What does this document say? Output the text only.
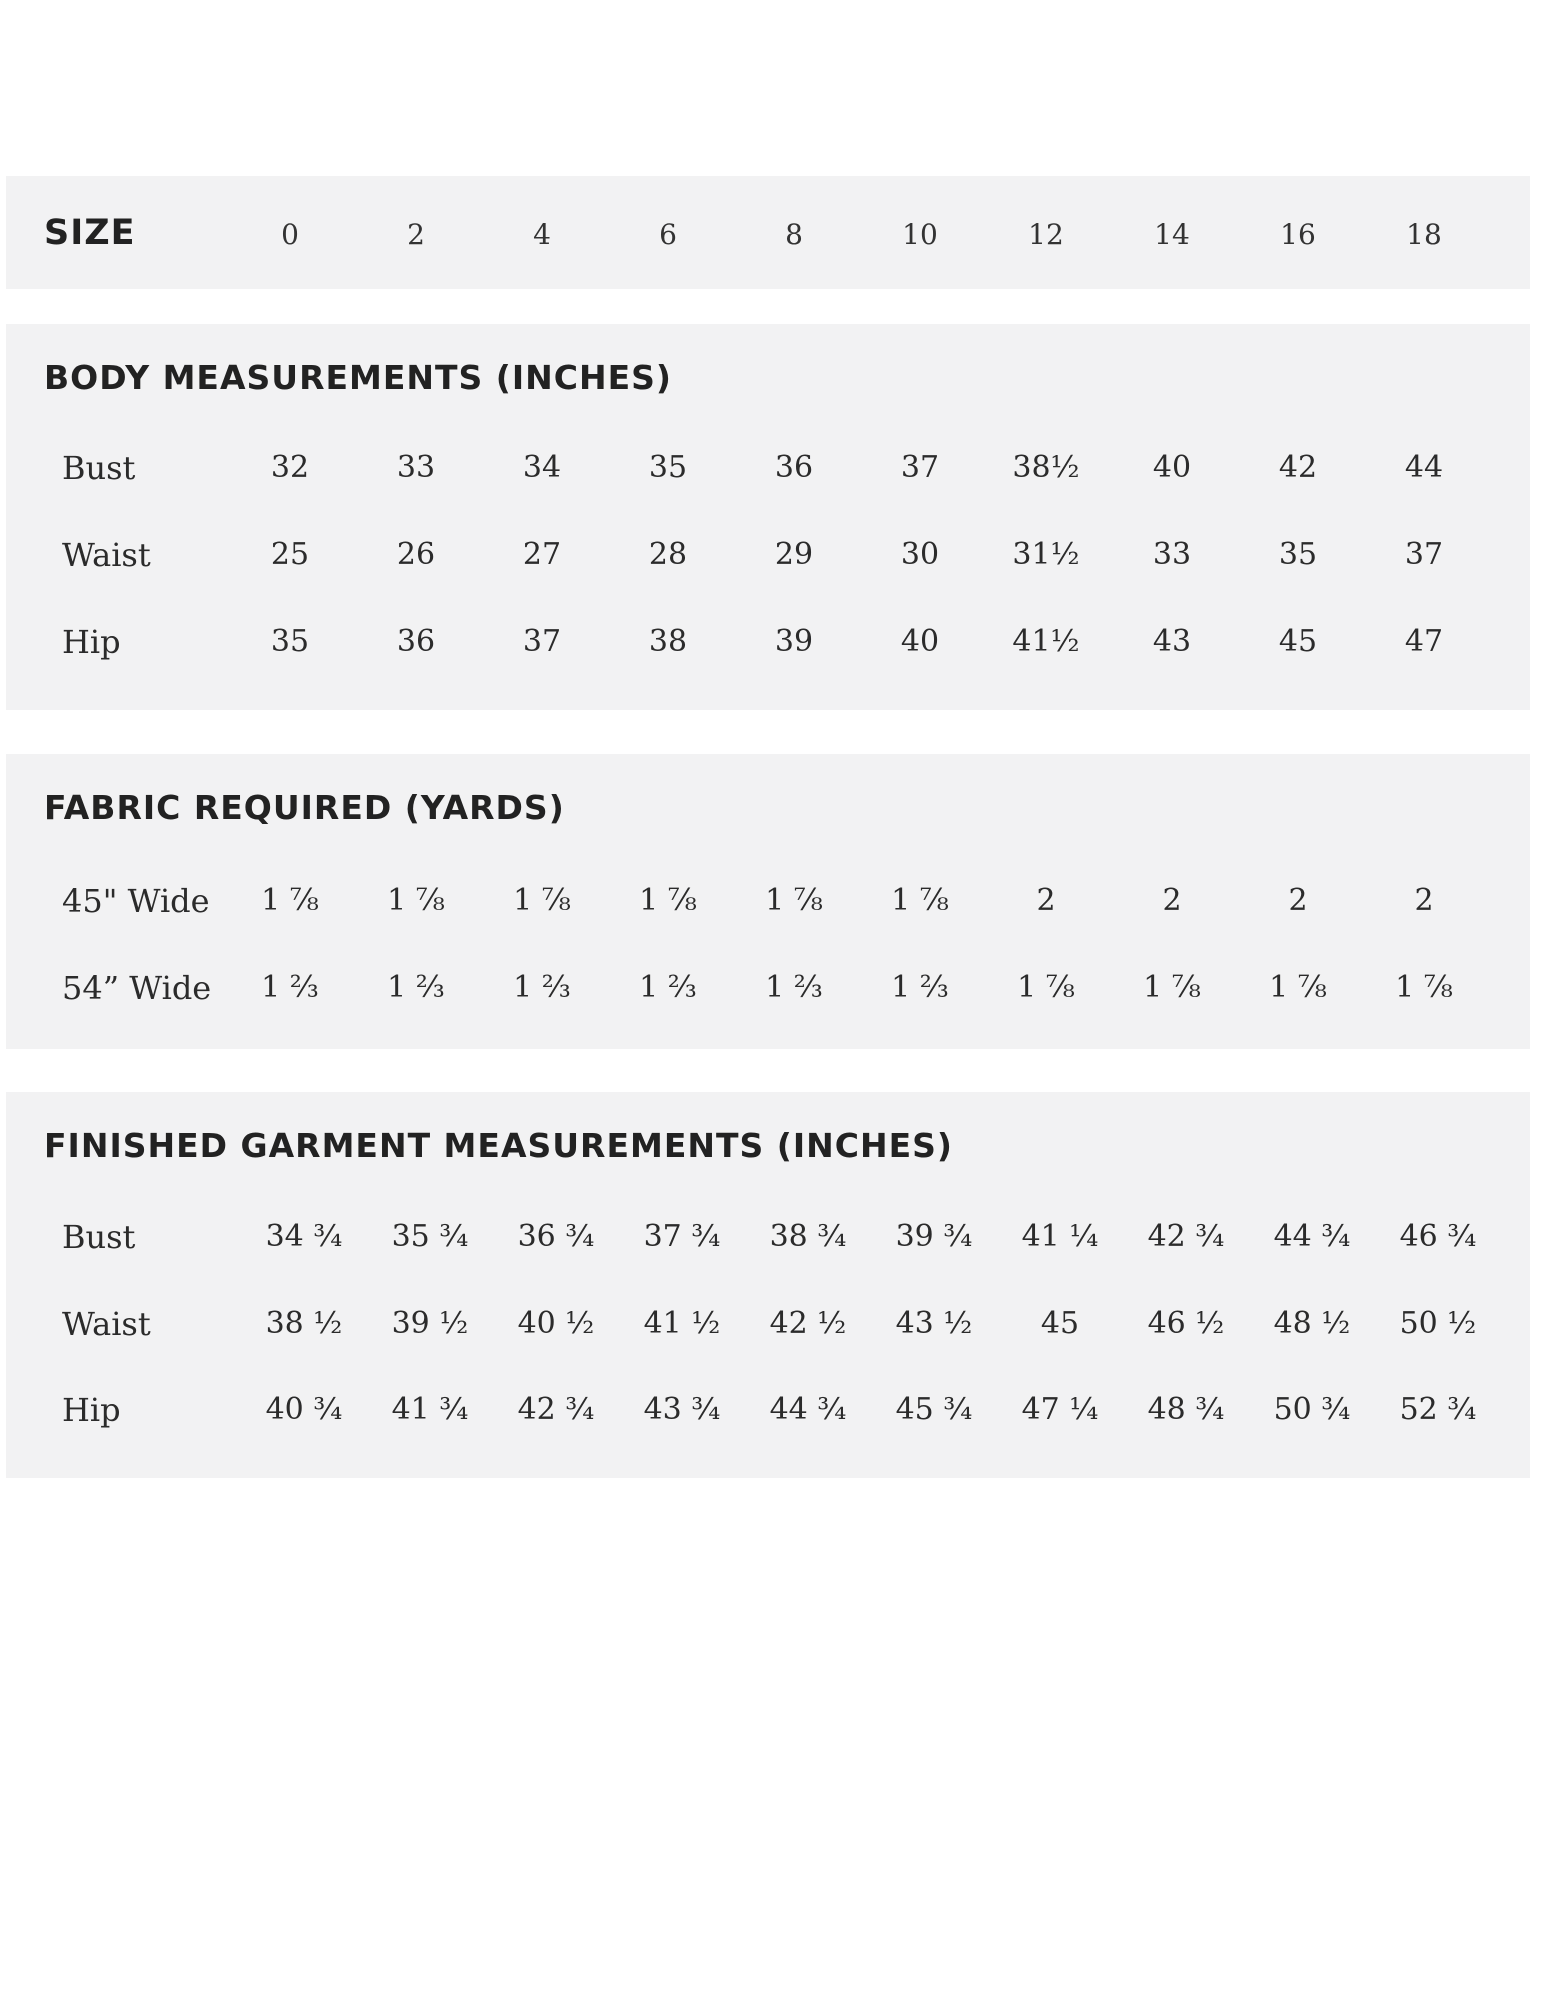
SIZE	0	2	4	6	8	10	12	14	16	18
BODY MEASUREMENTS (INCHES)
Bust	32	33	34	35	36	37	38½	40	42	44
Waist	25	26	27	28	29	30	31½	33	35	37
Hip	35	36	37	38	39	40	41½	43	45	47
FABRIC REQUIRED (YARDS)
45" Wide	1 ⅞	1 ⅞	1 ⅞	1 ⅞	1 ⅞	1 ⅞	2	2	2	2
54” Wide	1 ⅔	1 ⅔	1 ⅔	1 ⅔	1 ⅔	1 ⅔	1 ⅞	1 ⅞	1 ⅞	1 ⅞
FINISHED GARMENT MEASUREMENTS (INCHES)
Bust	34 ¾	35 ¾	36 ¾	37 ¾	38 ¾	39 ¾	41 ¼	42 ¾	44 ¾	46 ¾
Waist	38 ½	39 ½	40 ½	41 ½	42 ½	43 ½	45	46 ½	48 ½	50 ½
Hip	40 ¾	41 ¾	42 ¾	43 ¾	44 ¾	45 ¾	47 ¼	48 ¾	50 ¾	52 ¾
